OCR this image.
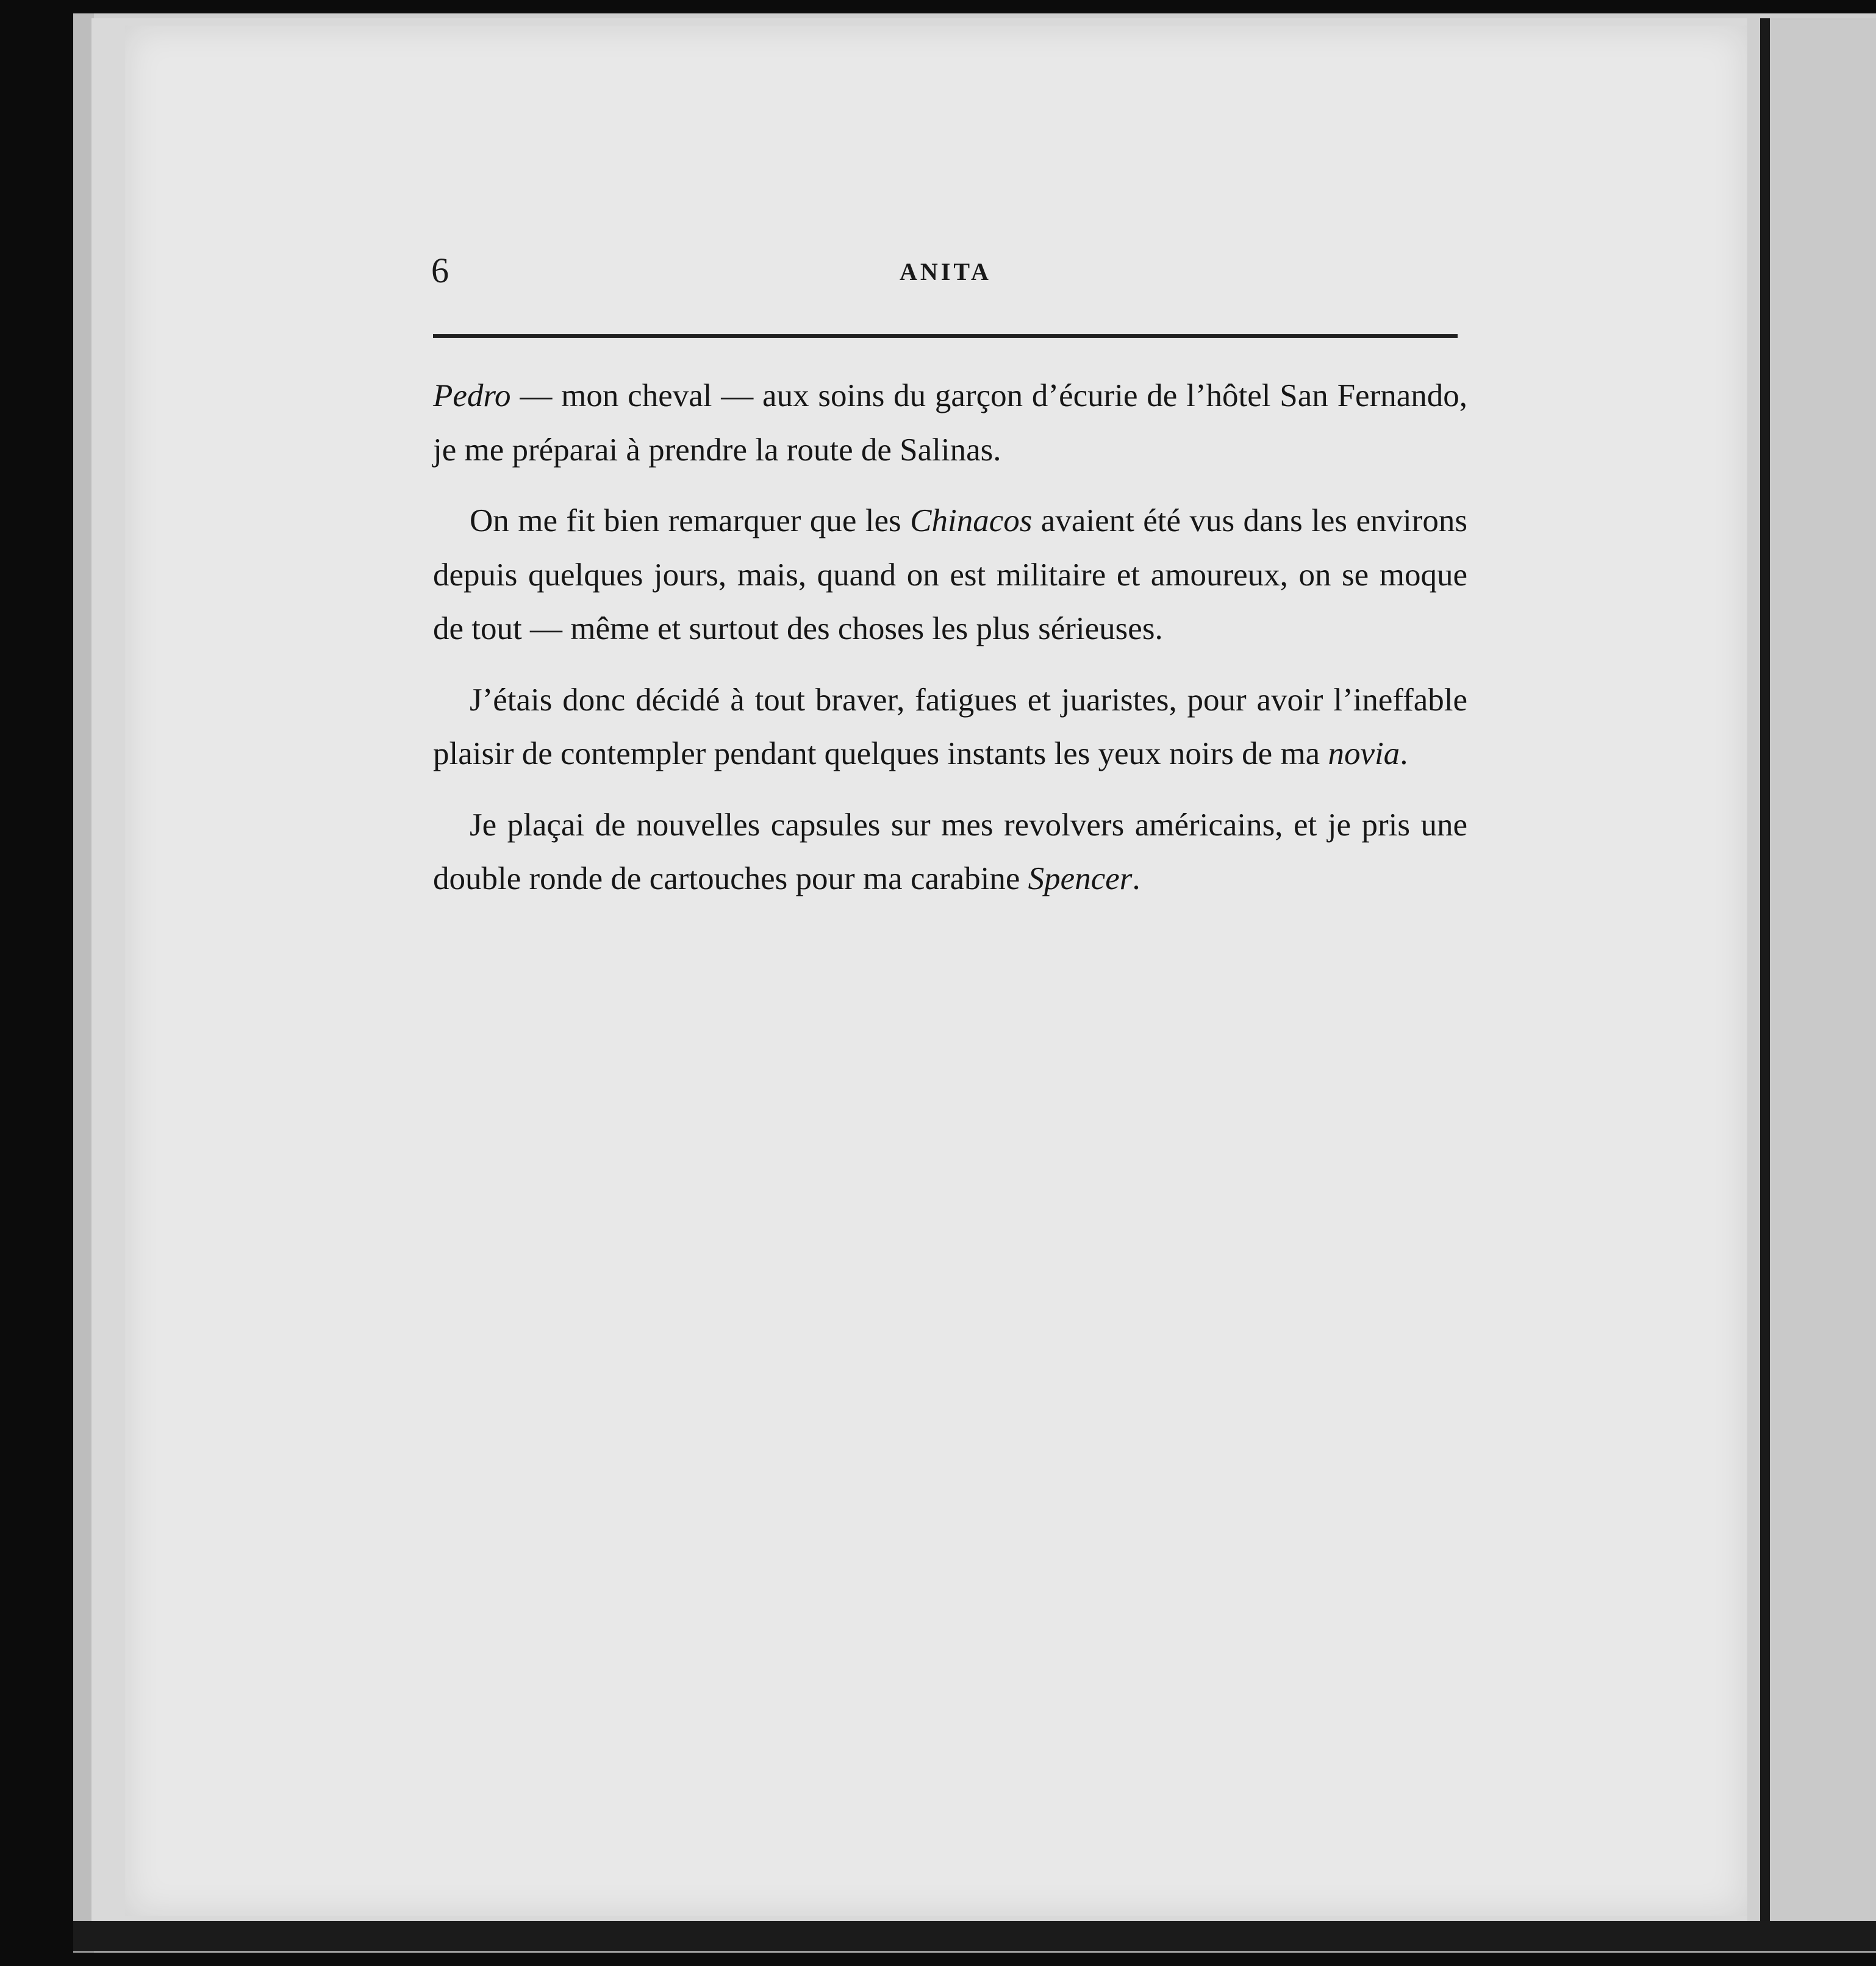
6	ANITA

Pedro — mon cheval — aux soins du garçon d’écurie de l’hôtel San Fernando, je me préparai à prendre la route de Salinas.

On me fit bien remarquer que les Chinacos avaient été vus dans les environs depuis quelques jours, mais, quand on est militaire et amoureux, on se moque de tout — même et surtout des choses les plus sérieuses.

J’étais donc décidé à tout braver, fatigues et juaristes, pour avoir l’ineffable plaisir de contempler pendant quelques instants les yeux noirs de ma novia.

Je plaçai de nouvelles capsules sur mes revolvers américains, et je pris une double ronde de cartouches pour ma carabine Spencer.
